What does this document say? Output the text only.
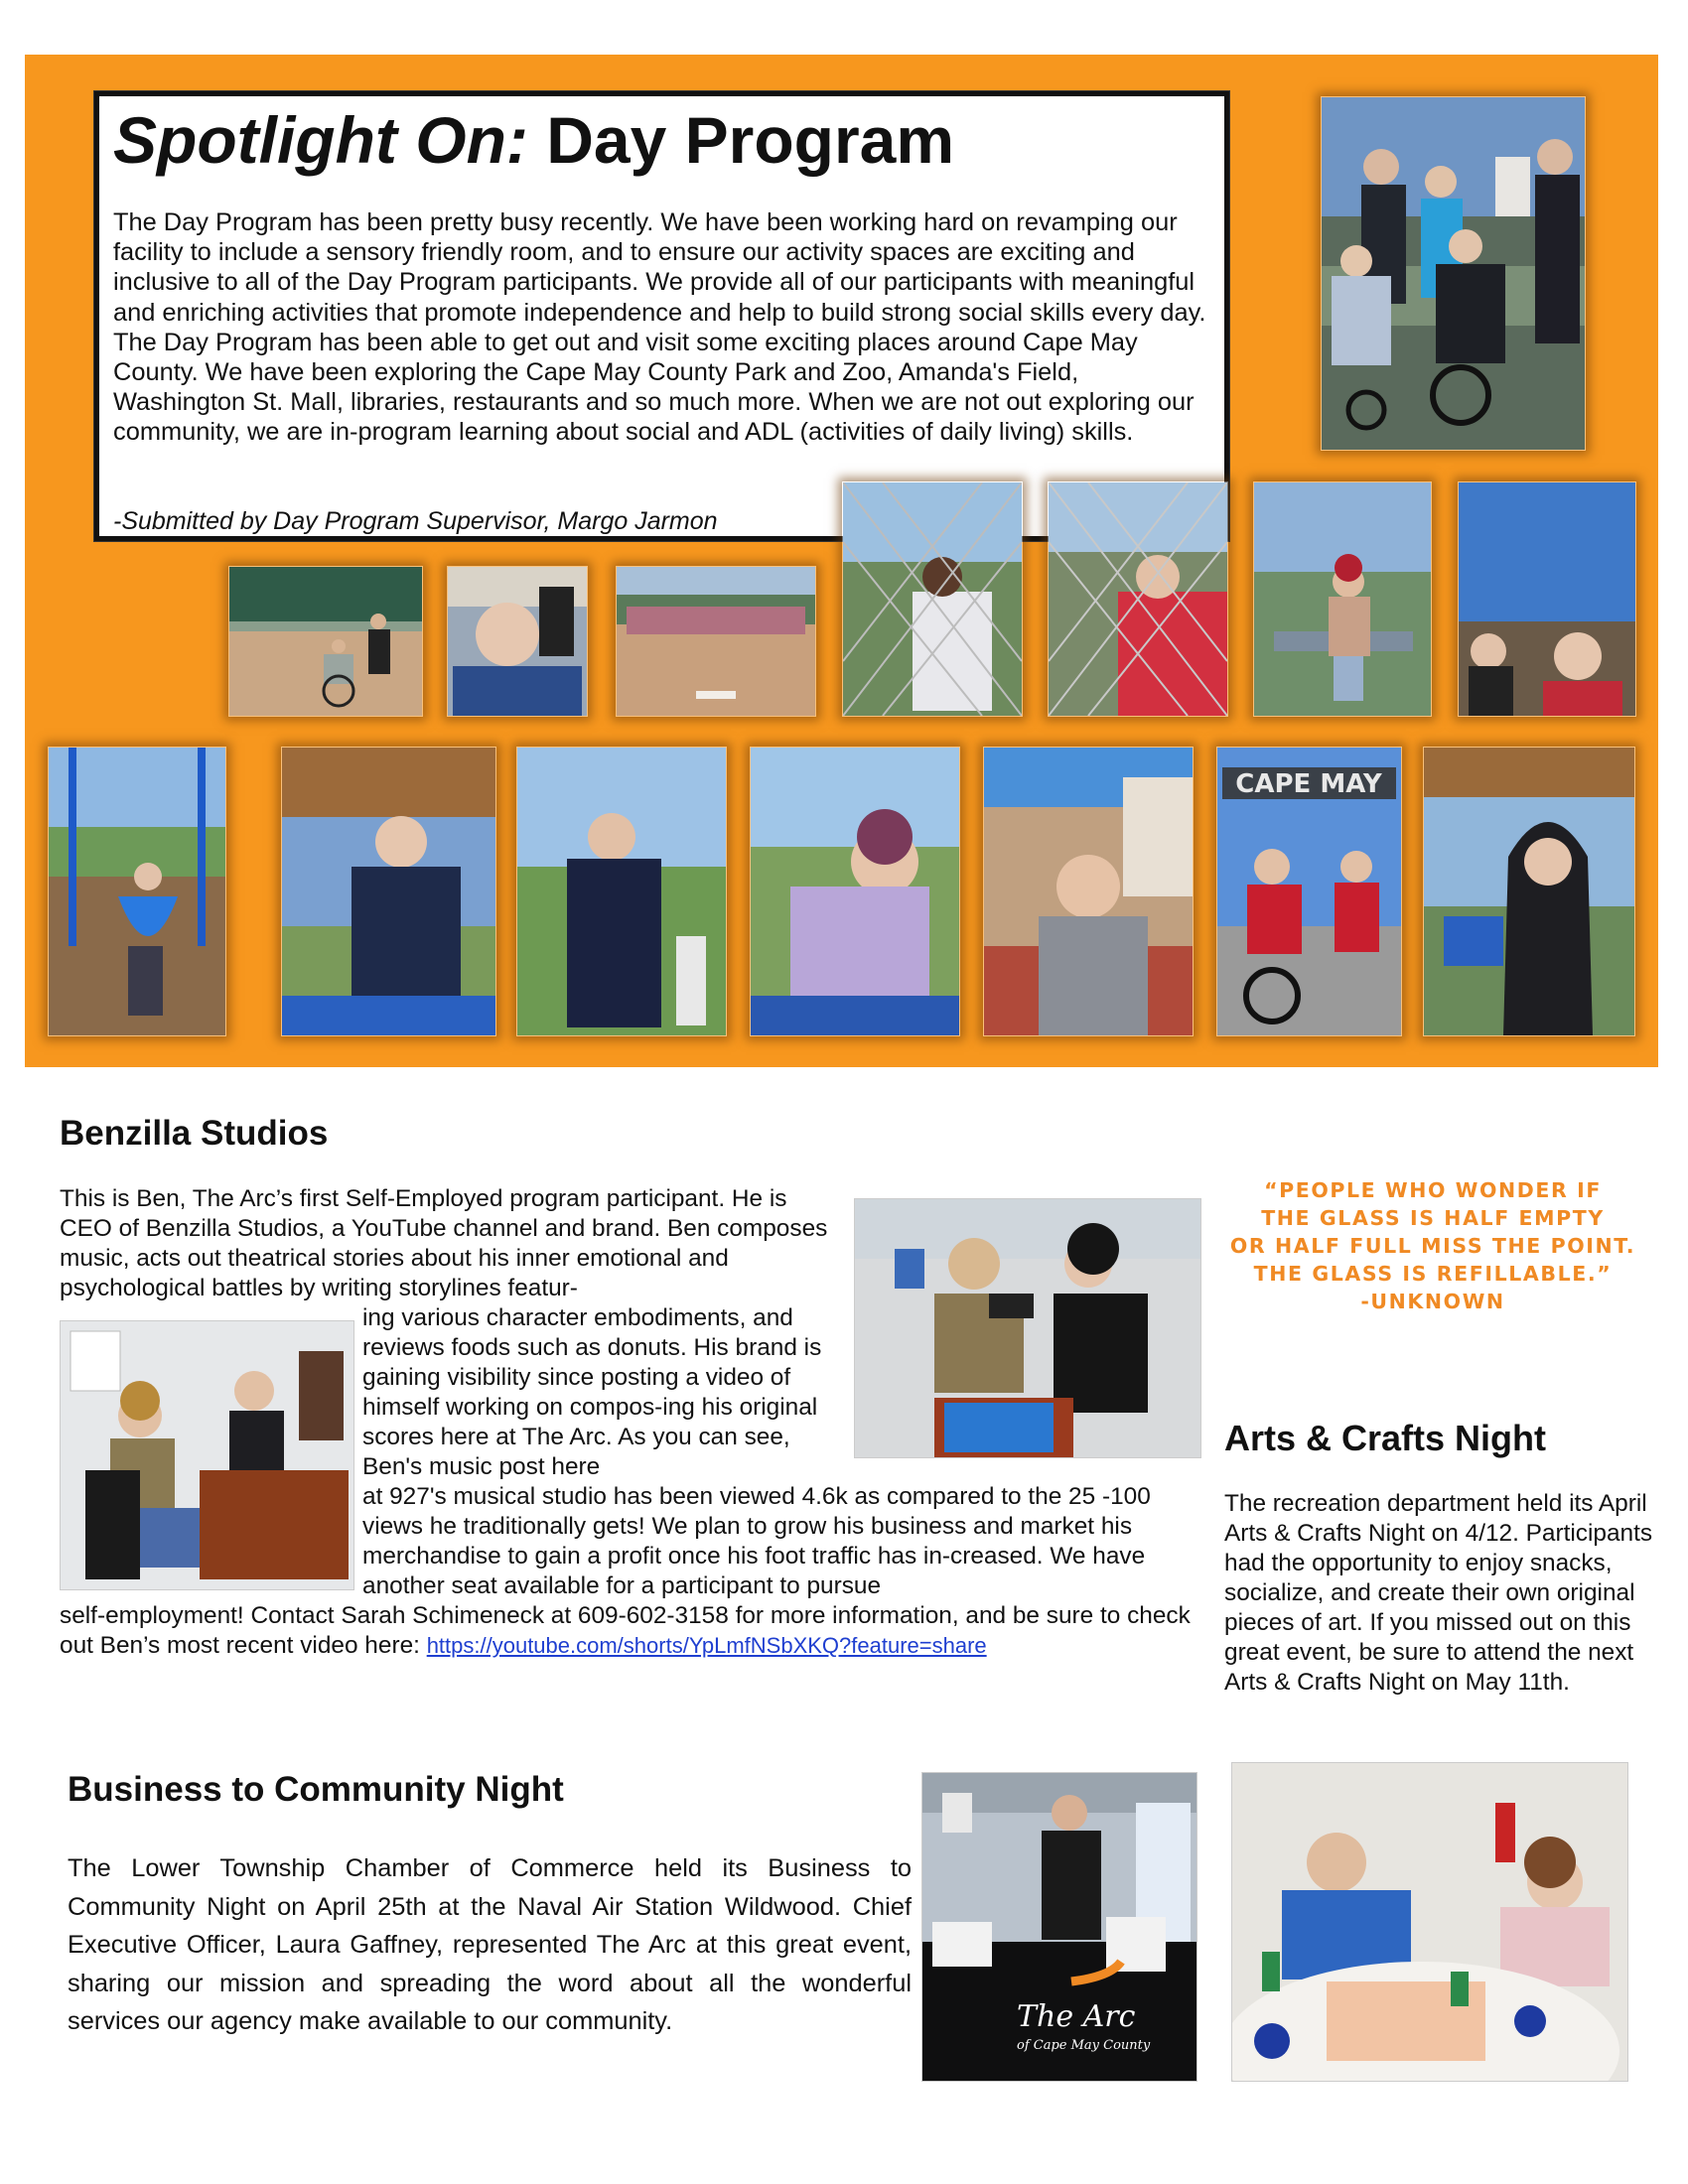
Spotlight On: Day Program
The Day Program has been pretty busy recently. We have been working hard on revamping our facility to include a sensory friendly room, and to ensure our activity spaces are exciting and inclusive to all of the Day Program participants. We provide all of our participants with meaningful and enriching activities that promote independence and help to build strong social skills every day. The Day Program has been able to get out and visit some exciting places around Cape May County. We have been exploring the Cape May County Park and Zoo, Amanda's Field, Washington St. Mall, libraries, restaurants and so much more. When we are not out exploring our community, we are in-program learning about social and ADL (activities of daily living) skills.
-Submitted by Day Program Supervisor, Margo Jarmon
CAPE MAY
Benzilla Studios
This is Ben, The Arc’s first Self-Employed program participant. He is CEO of Benzilla Studios, a YouTube channel and brand. Ben composes music, acts out theatrical stories about his inner emotional and psychological battles by writing storylines featur-
ing various character embodiments, and reviews foods such as donuts. His brand is gaining visibility since posting a video of himself working on compos-ing his original scores here at The Arc. As you can see, Ben's music post here
at 927's musical studio has been viewed 4.6k as compared to the 25 -100 views he traditionally gets! We plan to grow his business and market his merchandise to gain a profit once his foot traffic has in-creased. We have another seat available for a participant to pursue
self-employment! Contact Sarah Schimeneck at 609-602-3158 for more information, and be sure to check out Ben’s most recent video here: https://youtube.com/shorts/YpLmfNSbXKQ?feature=share
“PEOPLE WHO WONDER IF
THE GLASS IS HALF EMPTY
OR HALF FULL MISS THE POINT.
THE GLASS IS REFILLABLE.”
-UNKNOWN
Arts & Crafts Night
The recreation department held its April Arts & Crafts Night on 4/12. Participants had the opportunity to enjoy snacks, socialize, and create their own original pieces of art. If you missed out on this great event, be sure to attend the next Arts & Crafts Night on May 11th.
Business to Community Night
The Lower Township Chamber of Commerce held its Business to Community Night on April 25th at the Naval Air Station Wildwood. Chief Executive Officer, Laura Gaffney, represented The Arc at this great event, sharing our mission and spreading the word about all the wonderful services our agency make available to our community.	The Arc
of Cape May County
